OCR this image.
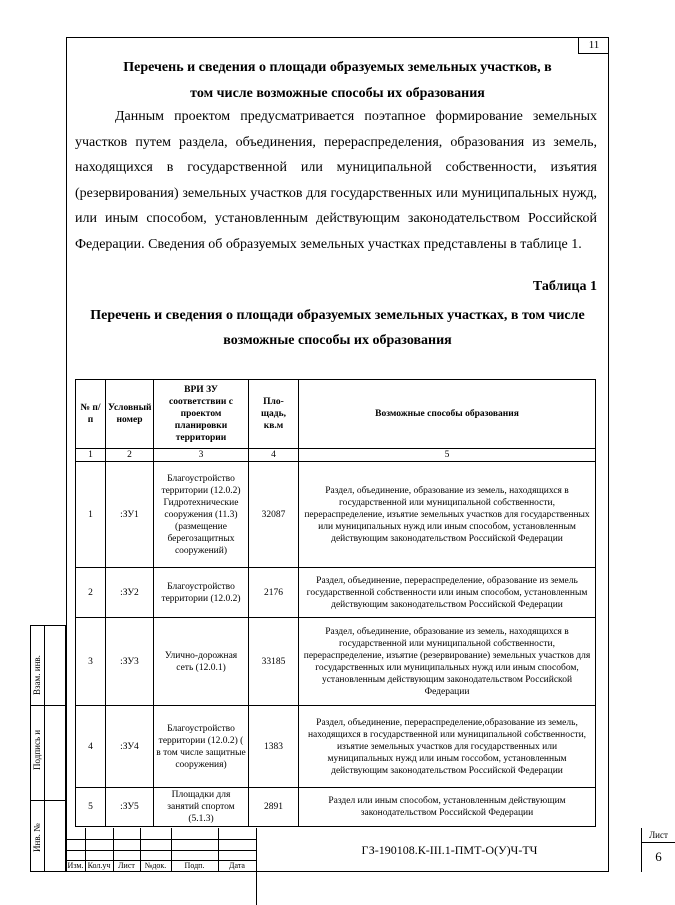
11
Перечень и сведения о площади образуемых земельных участков, в
том числе возможные способы их образования

Данным проектом предусматривается поэтапное формирование земельных участков путем раздела, объединения, перераспределения, образования из земель, находящихся в государственной или муниципальной собственности, изъятия (резервирования) земельных участков для государственных или муниципальных нужд, или иным способом, установленным действующим законодательством Российской Федерации. Сведения об образуемых земельных участках представлены в таблице 1.

Таблица 1
Перечень и сведения о площади образуемых земельных участках, в том числе
возможные способы их образования
№ п/п	Условный номер	ВРИ ЗУ соответствии с проектом планировки территории	Пло-щадь, кв.м	Возможные способы образования
1	2	3	4	5
1	:ЗУ1	Благоустройство территории (12.0.2) Гидротехнические сооружения (11.3) (размещение берегозащитных сооружений)	32087	Раздел, объединение, образование из земель, находящихся в государственной или муниципальной собственности, перераспределение, изъятие земельных участков для государственных или муниципальных нужд или иным способом, установленным действующим законодательством Российской Федерации
2	:ЗУ2	Благоустройство территории (12.0.2)	2176	Раздел, объединение, перераспределение, образование из земель государственной собственности или иным способом, установленным действующим законодательством Российской Федерации
3	:ЗУ3	Улично-дорожная сеть (12.0.1)	33185	Раздел, объединение, образование из земель, находящихся в государственной или муниципальной собственности, перераспределение, изъятие (резервирование) земельных участков для государственных или муниципальных нужд или иным способом, установленным действующим законодательством Российской Федерации
4	:ЗУ4	Благоустройство территории (12.0.2) ( в том числе защитные сооружения)	1383	Раздел, объединение, перераспределение,образование из земель, находящихся в государственной или муниципальной собственности, изъятие земельных участков для государственных или муниципальных нужд или иным госсобом, установленным действующим законодательством Российской Федерации
5	:ЗУ5	Площадки для занятий спортом (5.1.3)	2891	Раздел или иным способом, установленным действующим законодательством Российской Федерации
Взам. инв.
Подпись и
Инв. №
Изм. Кол.уч Лист	№док.	Подп.	Дата
ГЗ-190108.К-III.1-ПМТ-О(У)Ч-ТЧ
Лист
6
